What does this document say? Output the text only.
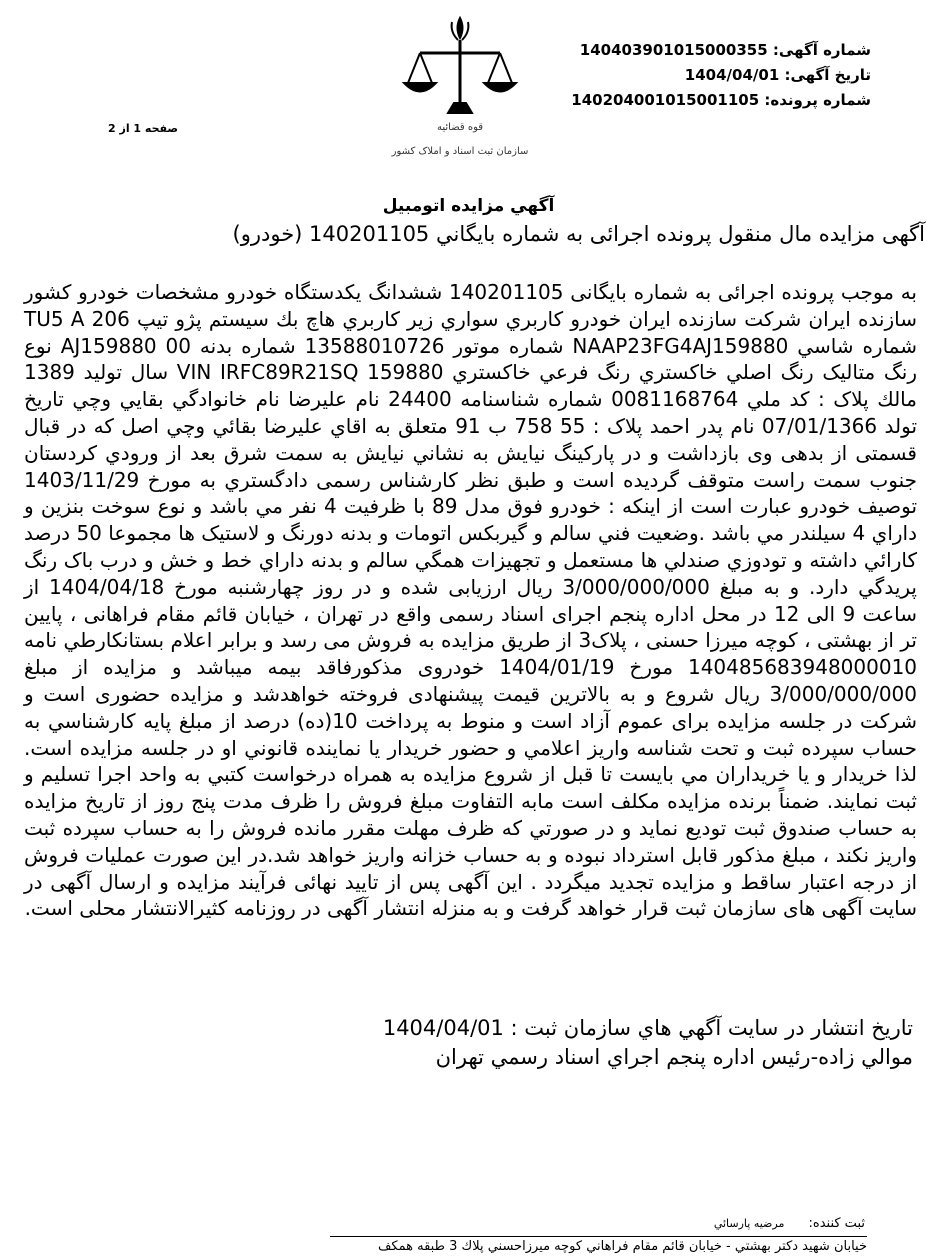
قوه قضائیه
سازمان ثبت اسناد و املاک کشور
شماره آگهی: 14040390101500035‌5
تاریخ آگهی: 1404/04/01
شماره پرونده: 140204001015001105
صفحه 1 از 2
آگهي مزايده اتومبيل
آگهی مزایده مال منقول پرونده اجرائی به شماره بایگاني 140201105 (خودرو)
به موجب پرونده اجرائی به شماره بایگانی 140201105 ششدانگ يکدستگاه خودرو مشخصات خودرو کشور سازنده ایران شرکت سازنده ایران خودرو کاربري سواري زير کاربري هاچ بك سيستم پژو تيپ 206 TU5 A شماره شاسي NAAP23FG4AJ159880 شماره موتور 13588010726 شماره بدنه 00 AJ159880 نوع رنگ متاليک رنگ اصلي خاکستري رنگ فرعي خاکستري VIN IRFC89R21SQ 159880 سال تولید 1389 مالك پلاک : کد ملي 0081168764 شماره شناسنامه 24400 نام عليرضا نام خانوادگي بقايي وچي تاريخ تولد 07/01/1366 نام پدر احمد پلاک : 55 758 ب 91 متعلق به اقاي عليرضا بقائي وچي اصل که در قبال قسمتی از بدهی وی بازداشت و در پارکينگ نيايش به نشاني نيايش به سمت شرق بعد از ورودي کردستان جنوب سمت راست متوقف گرديده است و طبق نظر کارشناس رسمی دادگستري به مورخ 1403/11/29 توصيف خودرو عبارت است از اينکه : خودرو فوق مدل 89 با ظرفيت 4 نفر مي باشد و نوع سوخت بنزين و داراي 4 سيلندر مي باشد .وضعيت فني سالم و گيربکس اتومات و بدنه دورنگ و لاستيک ها مجموعا 50 درصد کارائي داشته و تودوزي صندلي ها مستعمل و تجهيزات همگي سالم و بدنه داراي خط و خش و درب باک رنگ پريدگي دارد. و به مبلغ 3/000/000/000 ریال ارزیابی شده و در روز چهارشنبه مورخ 1404/04/18 از ساعت 9 الی 12 در محل اداره پنجم اجرای اسناد رسمی واقع در تهران ، خيابان قائم مقام فراهانی ، پايين تر از بهشتی ، کوچه ميرزا حسنی ، پلاک3 از طریق مزایده به فروش می رسد و برابر اعلام بستانکارطي نامه 14048568394800001‌0 مورخ 1404/01/19 خودروی مذکورفاقد بیمه میباشد و مزایده از مبلغ 3/000/000/000 ریال شروع و به بالاترین قیمت پیشنهادی فروخته خواهدشد و مزایده حضوری است و شرکت در جلسه مزایده برای عموم آزاد است و منوط به پرداخت 10(ده) درصد از مبلغ پایه کارشناسي به حساب سپرده ثبت و تحت شناسه واريز اعلامي و حضور خريدار يا نماينده قانوني او در جلسه مزايده است. لذا خريدار و يا خريداران مي بايست تا قبل از شروع مزايده به همراه درخواست كتبي به واحد اجرا تسليم و ثبت نمايند. ضمناً برنده مزايده مكلف است مابه التفاوت مبلغ فروش را ظرف مدت پنج روز از تاريخ مزايده به حساب صندوق ثبت توديع نمايد و در صورتي كه ظرف مهلت مقرر مانده فروش را به حساب سپرده ثبت واريز نكند ، مبلغ مذكور قابل استرداد نبوده و به حساب خزانه واريز خواهد شد.در اين صورت عمليات فروش از درجه اعتبار ساقط و مزايده تجديد ميگردد . این آگهی پس از تایید نهائی فرآیند مزایده و ارسال آگهی در سایت آگهی های سازمان ثبت قرار خواهد گرفت و به منزله انتشار آگهی در روزنامه کثیرالانتشار محلی است.
تاريخ انتشار در سايت آگهي هاي سازمان ثبت : 1404/04/01
موالي زاده-رئيس اداره پنجم اجراي اسناد رسمي تهران
ثبت كننده: مرضيه پارسائي
خيابان شهيد دكتر بهشتي - خيابان قائم مقام فراهاني كوچه ميرزاحسني پلاك 3 طبقه همكف
